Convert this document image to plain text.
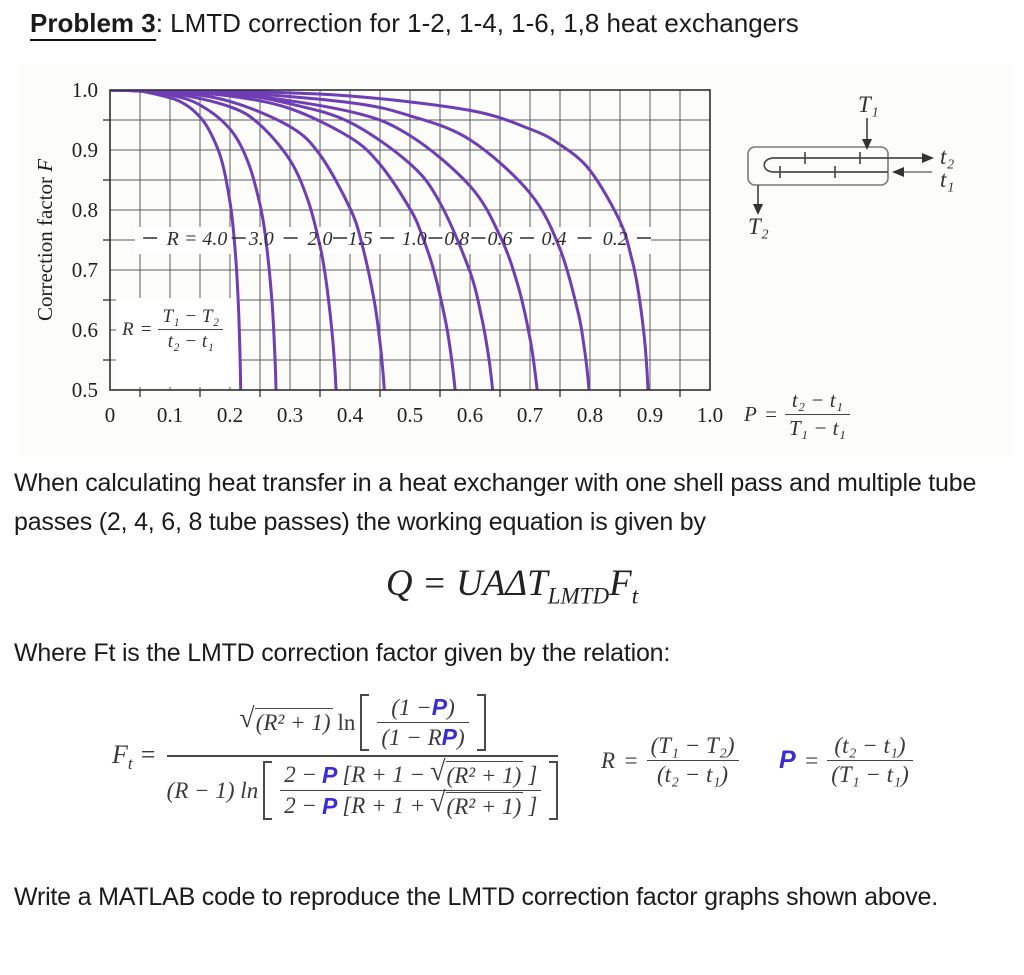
Problem 3: LMTD correction for 1-2, 1-4, 1-6, 1,8 heat exchangers
R = 4.0 3.0 2.0 1.5 1.0 0.8 0.6 0.4 0.2
0 0.1 0.2 0.3 0.4 0.5 0.6 0.7 0.8 0.9 1.0
0.5
0.6
0.7
0.8
0.9
1.0
Correction factor F
$R = \frac{\text{T₁ − T₂}}{\text{t₂ − t₁}}$
$P = \frac{\text{t₂ − t₁}}{\text{T₁ − t₁}}$
T₁
T₂
t₂
t₁
When calculating heat transfer in a heat exchanger with one shell pass and multiple tube passes (2, 4, 6, 8 tube passes) the working equation is given by
$Q = UA\Delta T_{LMTD}F_t$
Where Ft is the LMTD correction factor given by the relation:
$F_t$ =
√ (R² + 1) $\ln \frac{(1 -P)}{(1 - RP)}$
(R − 1) $\ln \frac{\text{2 − P [R + 1 − √ (R² + 1) ]}}{\text{2 − P [R + 1 + √ (R² + 1) ]}}$
$R = \frac{\text{(T₁ − T₂)}}{\text{(t₂ − t₁)}}$ $P = \frac{\text{(t₂ − t₁)}}{\text{(T₁ − t₁)}}$
Write a MATLAB code to reproduce the LMTD correction factor graphs shown above.
